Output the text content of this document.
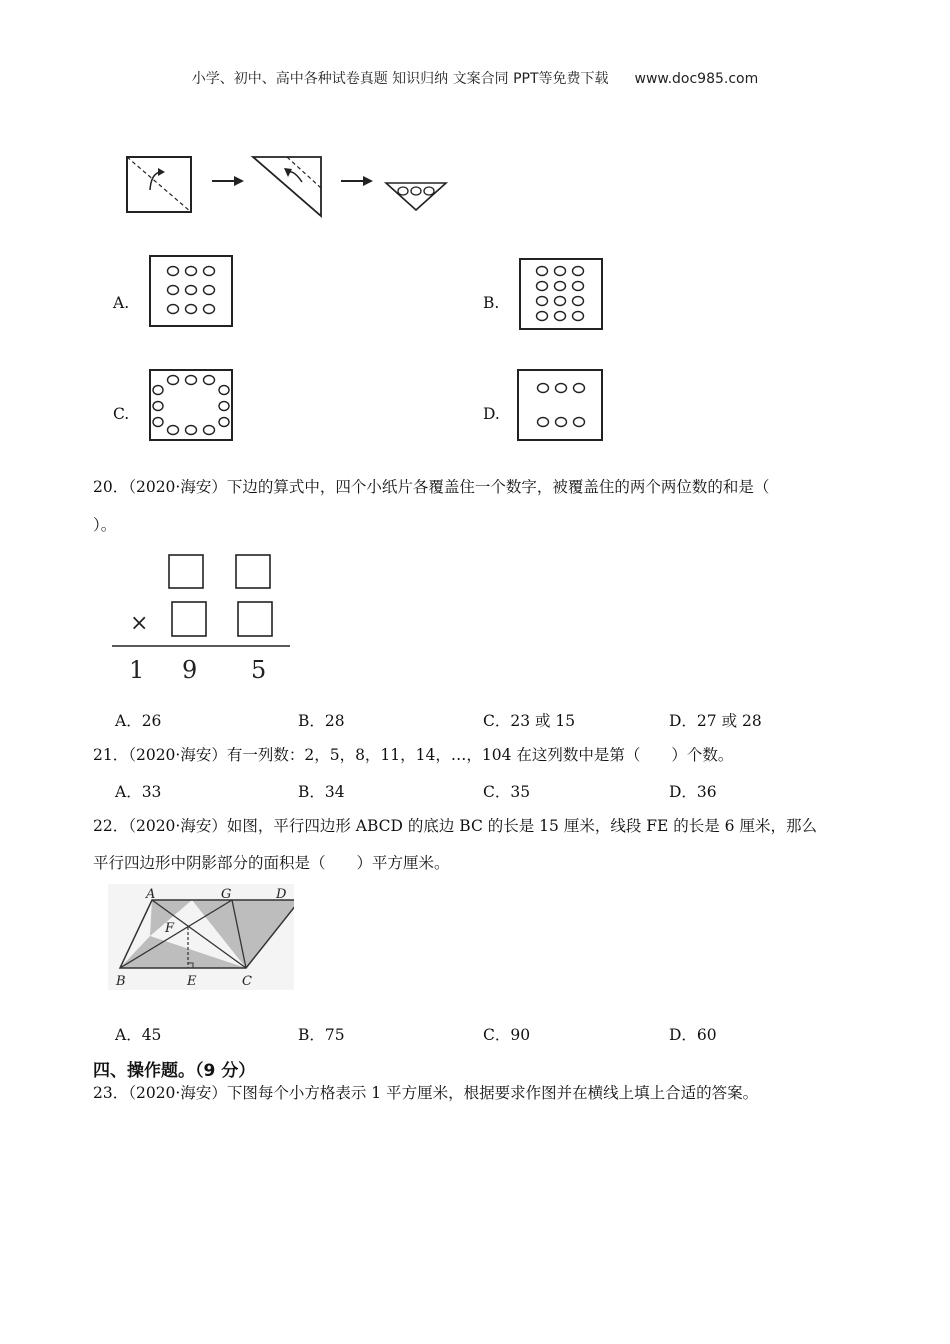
小学、初中、高中各种试卷真题 知识归纳 文案合同 PPT等免费下载 www.doc985.com
A.	B.
C.	D.
20．（2020·海安）下边的算式中，四个小纸片各覆盖住一个数字，被覆盖住的两个两位数的和是（
）。
×
1 9 5
A．26	B．28	C．23 或 15	D．27 或 28
21．（2020·海安）有一列数：2，5，8，11，14，…，104 在这列数中是第（　　）个数。
A．33	B．34	C．35	D．36
22．（2020·海安）如图，平行四边形 ABCD 的底边 BC 的长是 15 厘米，线段 FE 的长是 6 厘米，那么
平行四边形中阴影部分的面积是（　　）平方厘米。
A	G	D
F
B	E	C
A．45	B．75	C．90	D．60
四、操作题。（9 分）
23．（2020·海安）下图每个小方格表示 1 平方厘米，根据要求作图并在横线上填上合适的答案。
